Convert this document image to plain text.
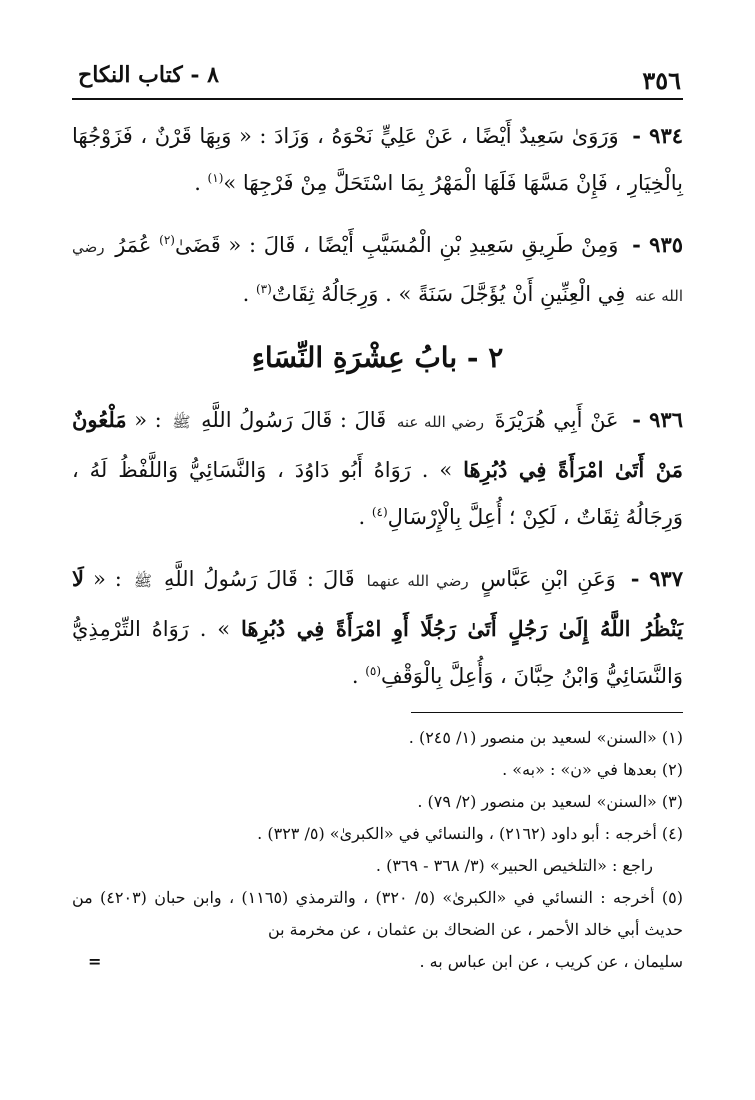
٣٥٦
٨ - كتاب النكاح

٩٣٤ - وَرَوَىٰ سَعِيدٌ أَيْضًا ، عَنْ عَلِيٍّ نَحْوَهُ ، وَزَادَ : « وَبِهَا قَرْنٌ ، فَزَوْجُهَا بِالْخِيَارِ ، فَإِنْ مَسَّهَا فَلَهَا الْمَهْرُ بِمَا اسْتَحَلَّ مِنْ فَرْجِهَا »$^{(١)}$ .

٩٣٥ - وَمِنْ طَرِيقِ سَعِيدِ بْنِ الْمُسَيَّبِ أَيْضًا ، قَالَ : « قَضَىٰ$^{(٢)}$ عُمَرُ رضي الله عنه فِي الْعِنِّينِ أَنْ يُؤَجَّلَ سَنَةً » . وَرِجَالُهُ ثِقَاتٌ$^{(٣)}$ .

٢ - بابُ عِشْرَةِ النِّسَاءِ

٩٣٦ - عَنْ أَبِي هُرَيْرَةَ رضي الله عنه قَالَ : قَالَ رَسُولُ اللَّهِ ﷺ : « مَلْعُونٌ مَنْ أَتَىٰ امْرَأَةً فِي دُبُرِهَا » . رَوَاهُ أَبُو دَاوُدَ ، وَالنَّسَائِيُّ وَاللَّفْظُ لَهُ ، وَرِجَالُهُ ثِقَاتٌ ، لَكِنْ ؛ أُعِلَّ بِالْإِرْسَالِ$^{(٤)}$ .

٩٣٧ - وَعَنِ ابْنِ عَبَّاسٍ رضي الله عنهما قَالَ : قَالَ رَسُولُ اللَّهِ ﷺ : « لَا يَنْظُرُ اللَّهُ إِلَىٰ رَجُلٍ أَتَىٰ رَجُلًا أَوِ امْرَأَةً فِي دُبُرِهَا » . رَوَاهُ التِّرْمِذِيُّ وَالنَّسَائِيُّ وَابْنُ حِبَّانَ ، وَأُعِلَّ بِالْوَقْفِ$^{(٥)}$ .

(١) «السنن» لسعيد بن منصور (١/ ٢٤٥) .

(٢) بعدها في «ن» : «به» .

(٣) «السنن» لسعيد بن منصور (٢/ ٧٩) .

(٤) أخرجه : أبو داود (٢١٦٢) ، والنسائي في «الكبرىٰ» (٥/ ٣٢٣) .

راجع : «التلخيص الحبير» (٣/ ٣٦٨ - ٣٦٩) .

(٥) أخرجه : النسائي في «الكبرىٰ» (٥/ ٣٢٠) ، والترمذي (١١٦٥) ، وابن حبان (٤٢٠٣) من حديث أبي خالد الأحمر ، عن الضحاك بن عثمان ، عن مخرمة بن

سليمان ، عن كريب ، عن ابن عباس به .
=
